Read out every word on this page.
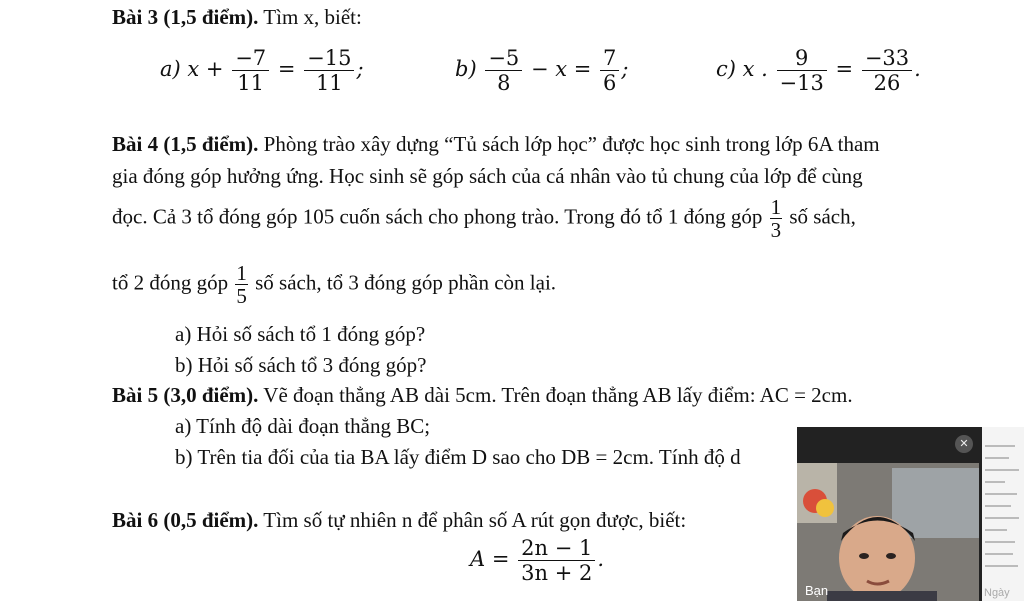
Bài 3 (1,5 điểm). Tìm x, biết:
a) $x + \frac{-7}{11} = \frac{-15}{11}$ ;	$b) \frac{-5}{8} - x = \frac{7}{6}$ ;	c) x . $\frac{9}{-13} = \frac{-33}{26}$ .
Bài 4 (1,5 điểm). Phòng trào xây dựng “Tủ sách lớp học” được học sinh trong lớp 6A tham
gia đóng góp hưởng ứng. Học sinh sẽ góp sách của cá nhân vào tủ chung của lớp để cùng
đọc. Cả 3 tổ đóng góp 105 cuốn sách cho phong trào. Trong đó tổ 1 đóng góp $\frac{1}{3}$ số sách,
tổ 2 đóng góp $\frac{1}{5}$ số sách, tổ 3 đóng góp phần còn lại.
a) Hỏi số sách tổ 1 đóng góp?
b) Hỏi số sách tổ 3 đóng góp?
Bài 5 (3,0 điểm). Vẽ đoạn thẳng AB dài 5cm. Trên đoạn thẳng AB lấy điểm: AC = 2cm.
a) Tính độ dài đoạn thẳng BC;
b) Trên tia đối của tia BA lấy điểm D sao cho DB = 2cm. Tính độ d
Bài 6 (0,5 điểm). Tìm số tự nhiên n để phân số A rút gọn được, biết:
$A = \frac{2n - 1}{3n + 2}$ .
✕
Bạn	Ngày
